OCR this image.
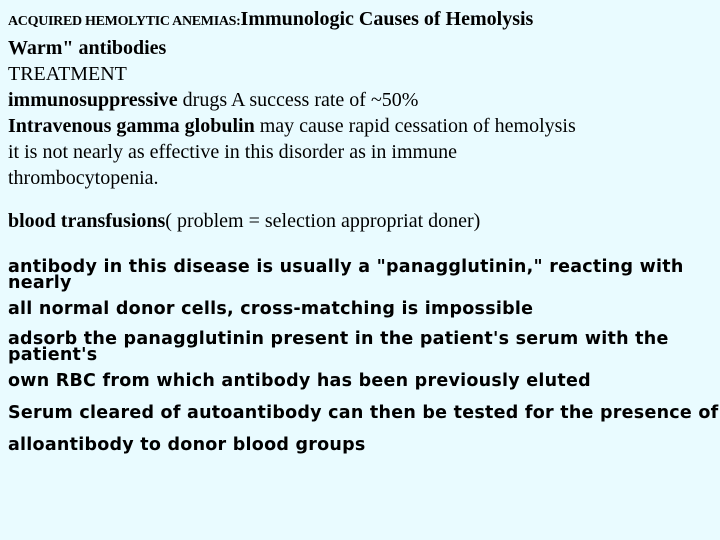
ACQUIRED HEMOLYTIC ANEMIAS: Immunologic Causes of Hemolysis
Warm" antibodies
TREATMENT
immunosuppressive drugs A success rate of ~50%
Intravenous gamma globulin may cause rapid cessation of hemolysis
it is not nearly as effective in this disorder as in immune
thrombocytopenia.
blood transfusions( problem = selection appropriat doner)
antibody in this disease is usually a "panagglutinin," reacting with
nearly
all normal donor cells, cross-matching is impossible
adsorb the panagglutinin present in the patient's serum with the
patient's
own RBC from which antibody has been previously eluted
Serum cleared of autoantibody can then be tested for the presence of
alloantibody to donor blood groups
